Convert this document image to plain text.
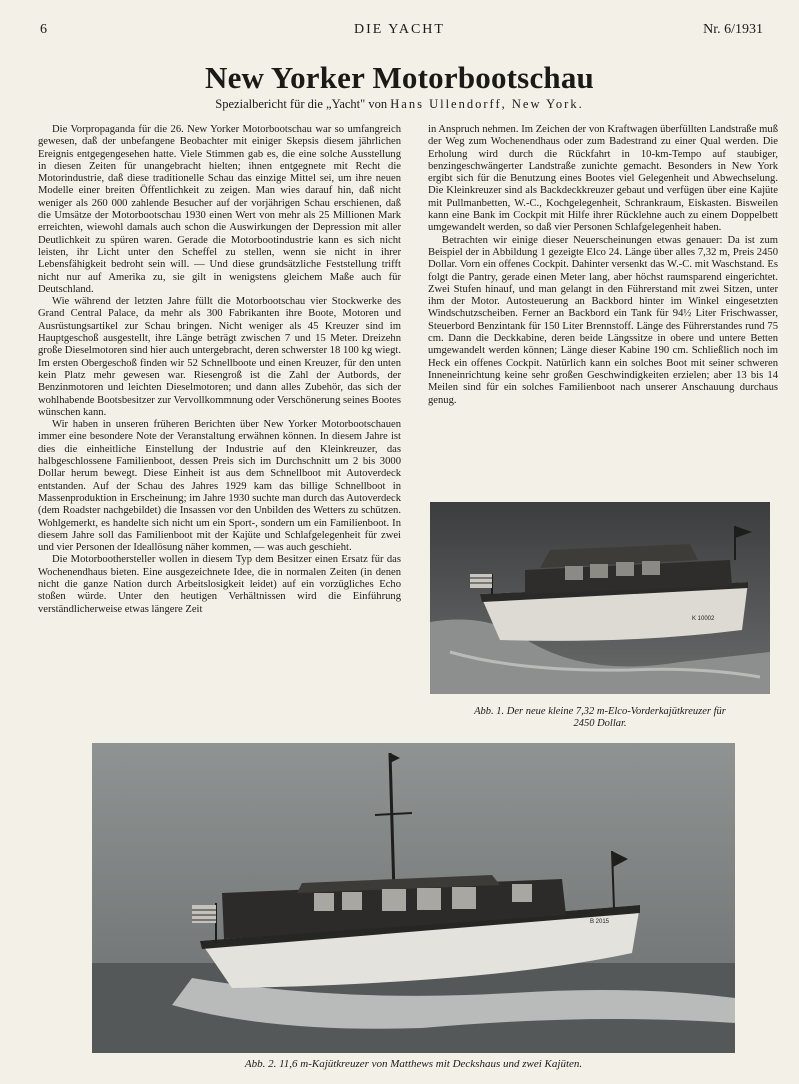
6	DIE YACHT	Nr. 6/1931
New Yorker Motorbootschau
Spezialbericht für die „Yacht" von Hans Ullendorff, New York.

Die Vorpropaganda für die 26. New Yorker Motorbootschau war so umfangreich gewesen, daß der unbefangene Beobachter mit einiger Skepsis diesem jährlichen Ereignis entgegengesehen hatte. Viele Stimmen gab es, die eine solche Ausstellung in diesen Zeiten für unangebracht hielten; ihnen entgegnete mit Recht die Motorindustrie, daß diese traditionelle Schau das einzige Mittel sei, um ihre neuen Modelle einer breiten Öffentlichkeit zu zeigen. Man wies darauf hin, daß nicht weniger als 260 000 zahlende Besucher auf der vorjährigen Schau erschienen, daß die Umsätze der Motorbootschau 1930 einen Wert von mehr als 25 Millionen Mark erreichten, wiewohl damals auch schon die Auswirkungen der Depression mit aller Deutlichkeit zu spüren waren. Gerade die Motorbootindustrie kann es sich nicht leisten, ihr Licht unter den Scheffel zu stellen, wenn sie nicht in ihrer Lebensfähigkeit bedroht sein will. — Und diese grundsätzliche Feststellung trifft nicht nur auf Amerika zu, sie gilt in wenigstens gleichem Maße auch für Deutschland.

Wie während der letzten Jahre füllt die Motorbootschau vier Stockwerke des Grand Central Palace, da mehr als 300 Fabrikanten ihre Boote, Motoren und Ausrüstungsartikel zur Schau bringen. Nicht weniger als 45 Kreuzer sind im Hauptgeschoß ausgestellt, ihre Länge beträgt zwischen 7 und 15 Meter. Dreizehn große Dieselmotoren sind hier auch untergebracht, deren schwerster 18 100 kg wiegt. Im ersten Obergeschoß finden wir 52 Schnellboote und einen Kreuzer, für den unten kein Platz mehr gewesen war. Riesengroß ist die Zahl der Autbords, der Benzinmotoren und leichten Dieselmotoren; und dann alles Zubehör, das sich der wohlhabende Bootsbesitzer zur Vervollkommnung oder Verschönerung seines Bootes wünschen kann.

Wir haben in unseren früheren Berichten über New Yorker Motorbootschauen immer eine besondere Note der Veranstaltung erwähnen können. In diesem Jahre ist dies die einheitliche Einstellung der Industrie auf den Kleinkreuzer, das halbgeschlossene Familienboot, dessen Preis sich im Durchschnitt um 2 bis 3000 Dollar herum bewegt. Diese Einheit ist aus dem Schnellboot mit Autoverdeck entstanden. Auf der Schau des Jahres 1929 kam das billige Schnellboot in Massenproduktion in Erscheinung; im Jahre 1930 suchte man durch das Autoverdeck (dem Roadster nachgebildet) die Insassen vor den Unbilden des Wetters zu schützen. Wohlgemerkt, es handelte sich nicht um ein Sport-, sondern um ein Familienboot. In diesem Jahre soll das Familienboot mit der Kajüte und Schlafgelegenheit für zwei und vier Personen der Ideallösung näher kommen, — was auch geschieht.

Die Motorboothersteller wollen in diesem Typ dem Besitzer einen Ersatz für das Wochenendhaus bieten. Eine ausgezeichnete Idee, die in normalen Zeiten (in denen nicht die ganze Nation durch Arbeitslosigkeit leidet) auf ein vorzügliches Echo stoßen würde. Unter den heutigen Verhältnissen wird die Einführung verständlicherweise etwas längere Zeit

in Anspruch nehmen. Im Zeichen der von Kraftwagen überfüllten Landstraße muß der Weg zum Wochenendhaus oder zum Badestrand zu einer Qual werden. Die Erholung wird durch die Rückfahrt in 10-km-Tempo auf staubiger, benzingeschwängerter Landstraße zunichte gemacht. Besonders in New York ergibt sich für die Benutzung eines Bootes viel Gelegenheit und Abwechselung. Die Kleinkreuzer sind als Backdeckkreuzer gebaut und verfügen über eine Kajüte mit Pullmanbetten, W.-C., Kochgelegenheit, Schrankraum, Eiskasten. Bisweilen kann eine Bank im Cockpit mit Hilfe ihrer Rücklehne auch zu einem Doppelbett umgewandelt werden, so daß vier Personen Schlafgelegenheit haben.

Betrachten wir einige dieser Neuerscheinungen etwas genauer: Da ist zum Beispiel der in Abbildung 1 gezeigte Elco 24. Länge über alles 7,32 m, Preis 2450 Dollar. Vorn ein offenes Cockpit. Dahinter versenkt das W.-C. mit Waschstand. Es folgt die Pantry, gerade einen Meter lang, aber höchst raumsparend eingerichtet. Zwei Stufen hinauf, und man gelangt in den Führerstand mit zwei Sitzen, unter ihm der Motor. Autosteuerung an Backbord hinter im Winkel eingesetzten Windschutzscheiben. Ferner an Backbord ein Tank für 94½ Liter Frischwasser, Steuerbord Benzintank für 150 Liter Brennstoff. Länge des Führerstandes rund 75 cm. Dann die Deckkabine, deren beide Längssitze in obere und untere Betten umgewandelt werden können; Länge dieser Kabine 190 cm. Schließlich noch im Heck ein offenes Cockpit. Natürlich kann ein solches Boot mit seiner schweren Inneneinrichtung keine sehr großen Geschwindigkeiten erzielen; aber 13 bis 14 Meilen sind für ein solches Familienboot nach unserer Anschauung durchaus genug.

K 10002
Abb. 1. Der neue kleine 7,32 m-Elco-Vorderkajütkreuzer für
2450 Dollar.
B 2015
Abb. 2. 11,6 m-Kajütkreuzer von Matthews mit Deckshaus und zwei Kajüten.
